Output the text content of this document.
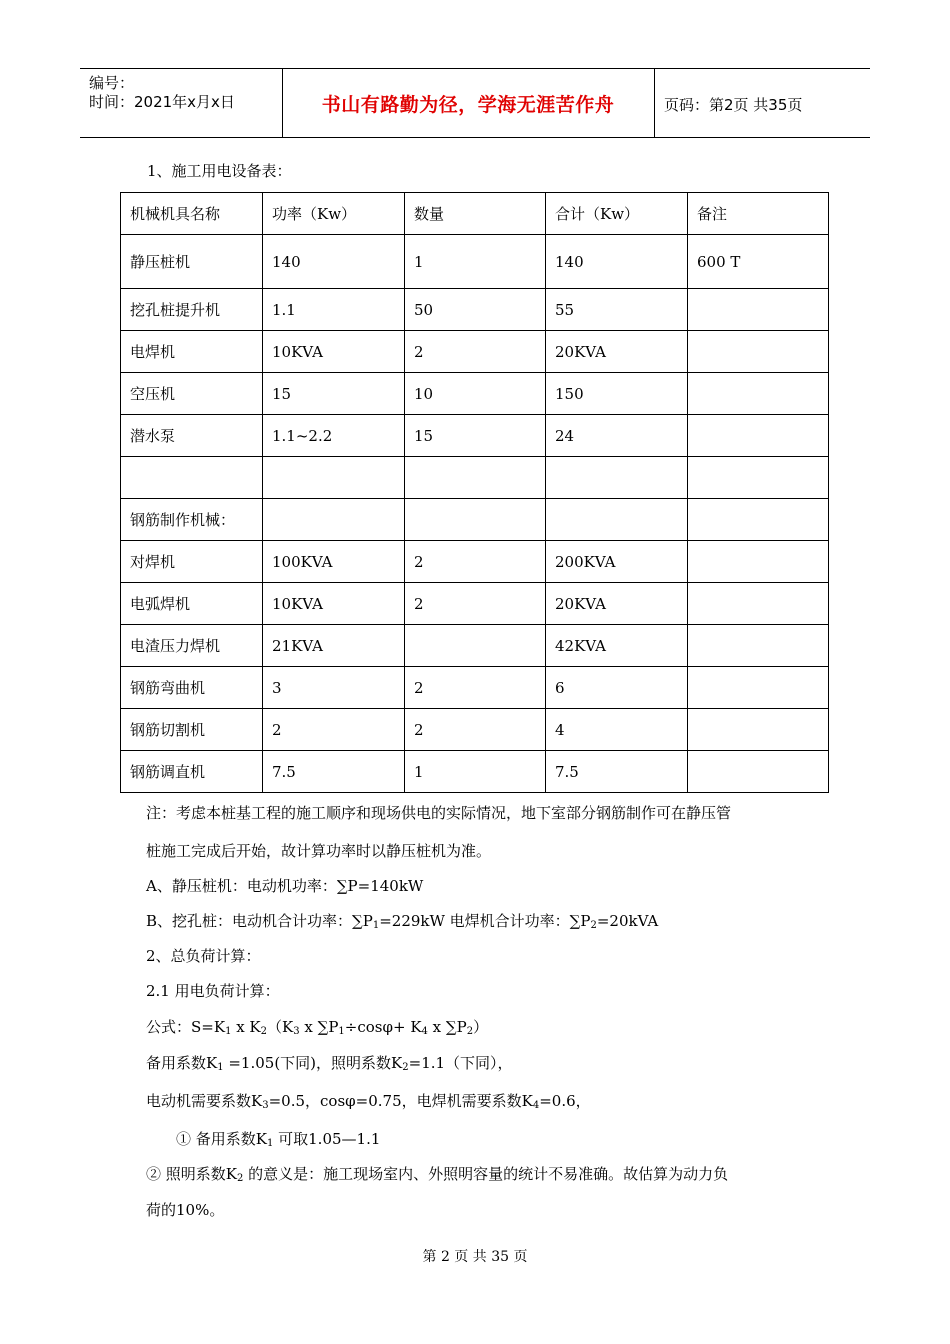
编号：
时间：2021年x月x日	书山有路勤为径，学海无涯苦作舟	页码：第2页 共35页
1、施工用电设备表：
机械机具名称	功率（Kw）	数量	合计（Kw）	备注
静压桩机	140	1	140	600 T
挖孔桩提升机	1.1	50	55	
电焊机	10KVA	2	20KVA	
空压机	15	10	150	
潜水泵	1.1~2.2	15	24	

钢筋制作机械：				
对焊机	100KVA	2	200KVA	
电弧焊机	10KVA	2	20KVA	
电渣压力焊机	21KVA		42KVA	
钢筋弯曲机	3	2	6	
钢筋切割机	2	2	4	
钢筋调直机	7.5	1	7.5	
注：考虑本桩基工程的施工顺序和现场供电的实际情况，地下室部分钢筋制作可在静压管
桩施工完成后开始，故计算功率时以静压桩机为准。
A、静压桩机：电动机功率：∑P=140kW
B、挖孔桩：电动机合计功率：$\sum P_1=229kW$ 电焊机合计功率：$\sum P_2=20kVA$
2、总负荷计算：
2.1 用电负荷计算：
公式：$S=K_1$ x $K_2(K_3$ x $\sum P_1\div\cos\varphi+ K_4$ x $\sum P_2$）
备用系数$K_1 =1.05$(下同)，照明系数$K_2=1.1$（下同），
电动机需要系数$K_3=0.5$，cosφ=0.75，电焊机需要系数$K_4=0.6$，
① 备用系数$K_1$ 可取1.05—1.1
② 照明系数$K_2$ 的意义是：施工现场室内、外照明容量的统计不易准确。故估算为动力负
荷的10%。
第 2 页 共 35 页
